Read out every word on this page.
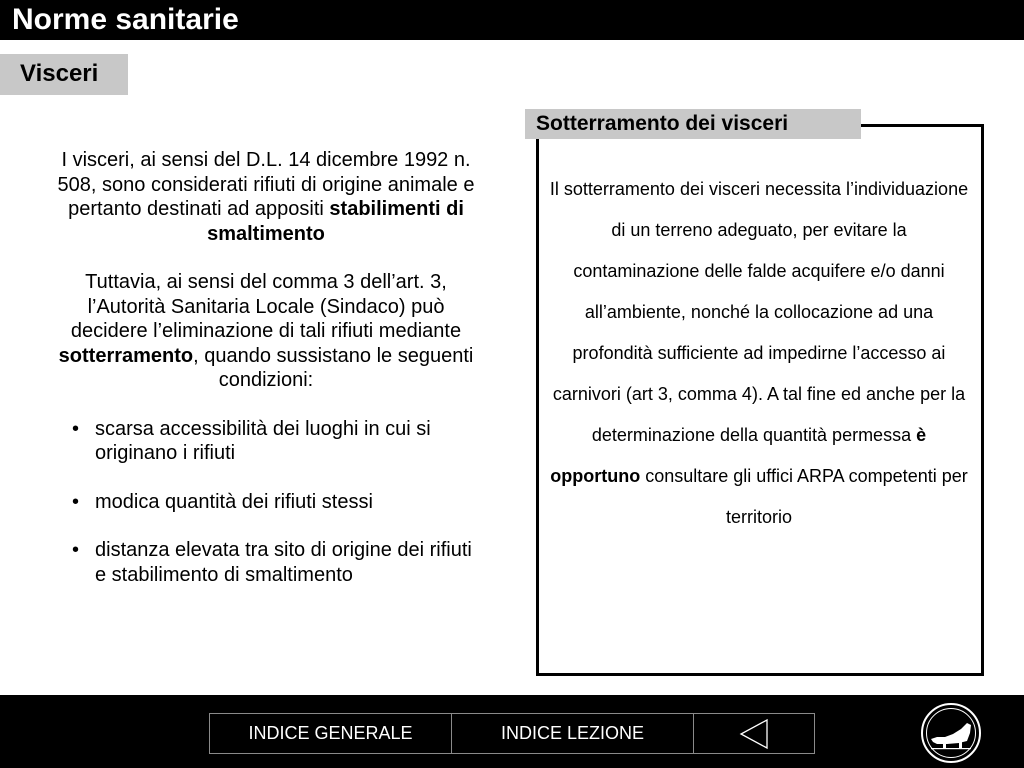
Norme sanitarie
Visceri

I visceri, ai sensi del D.L. 14 dicembre 1992 n. 508, sono considerati rifiuti di origine animale e pertanto destinati ad appositi stabilimenti di smaltimento

Tuttavia, ai sensi del comma 3 dell’art. 3, l’Autorità Sanitaria Locale (Sindaco) può decidere l’eliminazione di tali rifiuti mediante sotterramento, quando sussistano le seguenti condizioni:

• scarsa accessibilità dei luoghi in cui si originano i rifiuti
• modica quantità dei rifiuti stessi
• distanza elevata tra sito di origine dei rifiuti e stabilimento di smaltimento
Sotterramento dei visceri
Il sotterramento dei visceri necessita l’individuazione di un terreno adeguato, per evitare la contaminazione delle falde acquifere e/o danni all’ambiente, nonché la collocazione ad una profondità sufficiente ad impedirne l’accesso ai carnivori (art 3, comma 4). A tal fine ed anche per la determinazione della quantità permessa è opportuno consultare gli uffici ARPA competenti per territorio
INDICE GENERALE	INDICE LEZIONE
